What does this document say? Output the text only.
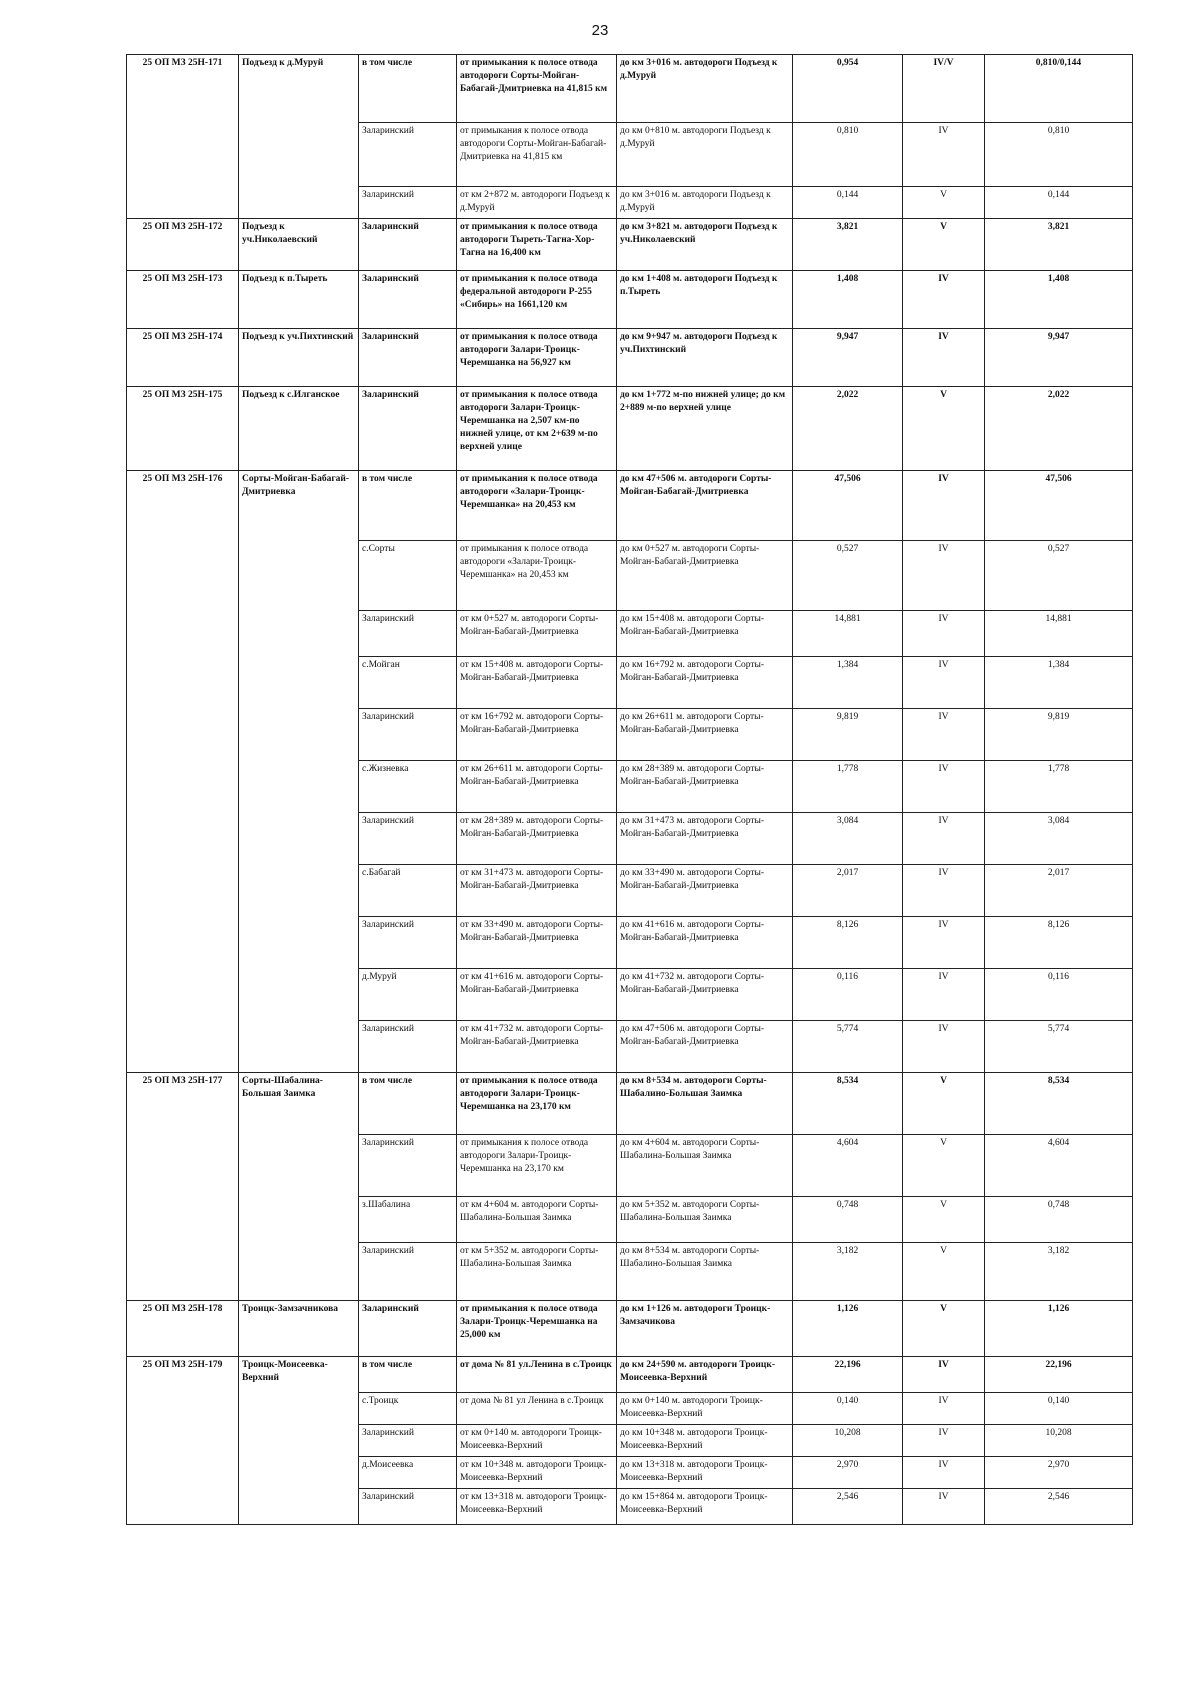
23
25 ОП МЗ 25Н-171	Подъезд к д.Муруй	в том числе	от примыкания к полосе отвода автодороги Сорты-Мойган-Бабагай-Дмитриевка на 41,815 км	до км 3+016 м. автодороги Подъезд к д.Муруй	0,954	IV/V	0,810/0,144
		Заларинский	от примыкания к полосе отвода автодороги Сорты-Мойган-Бабагай-Дмитриевка на 41,815 км	до км 0+810 м. автодороги Подъезд к д.Муруй	0,810	IV	0,810
		Заларинский	от км 2+872 м. автодороги Подъезд к д.Муруй	до км 3+016 м. автодороги Подъезд к д.Муруй	0,144	V	0,144
25 ОП МЗ 25Н-172	Подъезд к уч.Николаевский	Заларинский	от примыкания к полосе отвода автодороги Тыреть-Тагна-Хор-Тагна на 16,400 км	до км 3+821 м. автодороги Подъезд к уч.Николаевский	3,821	V	3,821
25 ОП МЗ 25Н-173	Подъезд к п.Тыреть	Заларинский	от примыкания к полосе отвода федеральной автодороги Р-255 «Сибирь» на 1661,120 км	до км 1+408 м. автодороги Подъезд к п.Тыреть	1,408	IV	1,408
25 ОП МЗ 25Н-174	Подъезд к уч.Пихтинский	Заларинский	от примыкания к полосе отвода автодороги Залари-Троицк-Черемшанка на 56,927 км	до км 9+947 м. автодороги Подъезд к уч.Пихтинский	9,947	IV	9,947
25 ОП МЗ 25Н-175	Подъезд к с.Илганское	Заларинский	от примыкания к полосе отвода автодороги Залари-Троицк-Черемшанка на 2,507 км-по нижней улице, от км 2+639 м-по верхней улице	до км 1+772 м-по нижней улице; до км 2+889 м-по верхней улице	2,022	V	2,022
25 ОП МЗ 25Н-176	Сорты-Мойган-Бабагай-Дмитриевка	в том числе	от примыкания к полосе отвода автодороги «Залари-Троицк-Черемшанка» на 20,453 км	до км 47+506 м. автодороги Сорты-Мойган-Бабагай-Дмитриевка	47,506	IV	47,506
		с.Сорты	от примыкания к полосе отвода автодороги «Залари-Троицк-Черемшанка» на 20,453 км	до км 0+527 м. автодороги Сорты-Мойган-Бабагай-Дмитриевка	0,527	IV	0,527
		Заларинский	от км 0+527 м. автодороги Сорты-Мойган-Бабагай-Дмитриевка	до км 15+408 м. автодороги Сорты-Мойган-Бабагай-Дмитриевка	14,881	IV	14,881
		с.Мойган	от км 15+408 м. автодороги Сорты-Мойган-Бабагай-Дмитриевка	до км 16+792 м. автодороги Сорты-Мойган-Бабагай-Дмитриевка	1,384	IV	1,384
		Заларинский	от км 16+792 м. автодороги Сорты-Мойган-Бабагай-Дмитриевка	до км 26+611 м. автодороги Сорты-Мойган-Бабагай-Дмитриевка	9,819	IV	9,819
		с.Жизневка	от км 26+611 м. автодороги Сорты-Мойган-Бабагай-Дмитриевка	до км 28+389 м. автодороги Сорты-Мойган-Бабагай-Дмитриевка	1,778	IV	1,778
		Заларинский	от км 28+389 м. автодороги Сорты-Мойган-Бабагай-Дмитриевка	до км 31+473 м. автодороги Сорты-Мойган-Бабагай-Дмитриевка	3,084	IV	3,084
		с.Бабагай	от км 31+473 м. автодороги Сорты-Мойган-Бабагай-Дмитриевка	до км 33+490 м. автодороги Сорты-Мойган-Бабагай-Дмитриевка	2,017	IV	2,017
		Заларинский	от км 33+490 м. автодороги Сорты-Мойган-Бабагай-Дмитриевка	до км 41+616 м. автодороги Сорты-Мойган-Бабагай-Дмитриевка	8,126	IV	8,126
		д.Муруй	от км 41+616 м. автодороги Сорты-Мойган-Бабагай-Дмитриевка	до км 41+732 м. автодороги Сорты-Мойган-Бабагай-Дмитриевка	0,116	IV	0,116
		Заларинский	от км 41+732 м. автодороги Сорты-Мойган-Бабагай-Дмитриевка	до км 47+506 м. автодороги Сорты-Мойган-Бабагай-Дмитриевка	5,774	IV	5,774
25 ОП МЗ 25Н-177	Сорты-Шабалина-Большая Заимка	в том числе	от примыкания к полосе отвода автодороги Залари-Троицк-Черемшанка на 23,170 км	до км 8+534 м. автодороги Сорты-Шабалино-Большая Заимка	8,534	V	8,534
		Заларинский	от примыкания к полосе отвода автодороги Залари-Троицк-Черемшанка на 23,170 км	до км 4+604 м. автодороги Сорты-Шабалина-Большая Заимка	4,604	V	4,604
		з.Шабалина	от км 4+604 м. автодороги Сорты-Шабалина-Большая Заимка	до км 5+352 м. автодороги Сорты-Шабалина-Большая Заимка	0,748	V	0,748
		Заларинский	от км 5+352 м. автодороги Сорты-Шабалина-Большая Заимка	до км 8+534 м. автодороги Сорты-Шабалино-Большая Заимка	3,182	V	3,182
25 ОП МЗ 25Н-178	Троицк-Замзачникова	Заларинский	от примыкания к полосе отвода Залари-Троицк-Черемшанка на 25,000 км	до км 1+126 м. автодороги Троицк-Замзачикова	1,126	V	1,126
25 ОП МЗ 25Н-179	Троицк-Моисеевка-Верхний	в том числе	от дома № 81 ул.Ленина в с.Троицк	до км 24+590 м. автодороги Троицк-Моисеевка-Верхний	22,196	IV	22,196
		с.Троицк	от дома № 81 ул Ленина в с.Троицк	до км 0+140 м. автодороги Троицк-Моисеевка-Верхний	0,140	IV	0,140
		Заларинский	от км 0+140 м. автодороги Троицк-Моисеевка-Верхний	до км 10+348 м. автодороги Троицк-Моисеевка-Верхний	10,208	IV	10,208
		д.Моисеевка	от км 10+348 м. автодороги Троицк-Моисеевка-Верхний	до км 13+318 м. автодороги Троицк-Моисеевка-Верхний	2,970	IV	2,970
		Заларинский	от км 13+318 м. автодороги Троицк-Моисеевка-Верхний	до км 15+864 м. автодороги Троицк-Моисеевка-Верхний	2,546	IV	2,546
